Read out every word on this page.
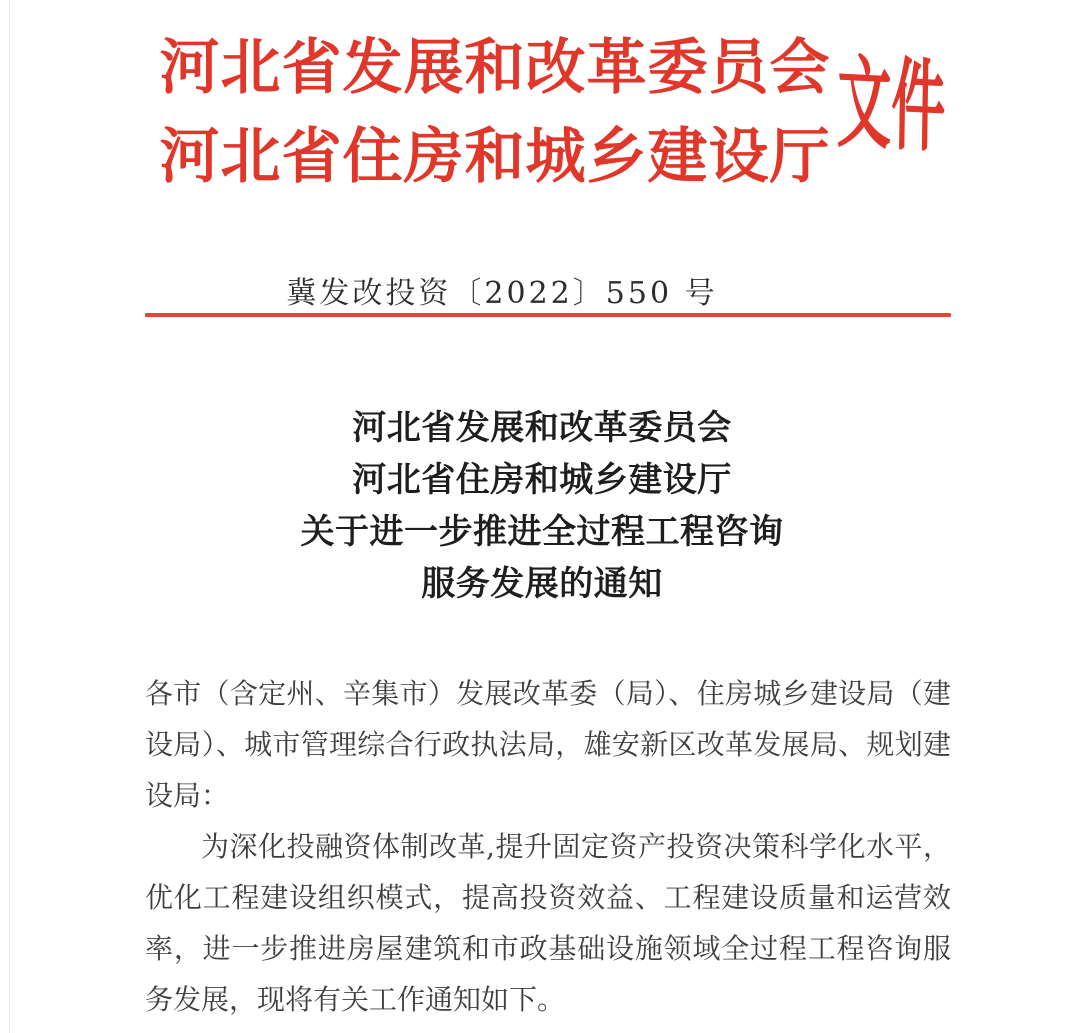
河北省发展和改革委员会
河北省住房和城乡建设厅 文件
冀发改投资〔2022〕550 号
河北省发展和改革委员会
河北省住房和城乡建设厅
关于进一步推进全过程工程咨询
服务发展的通知
各市（含定州、辛集市）发展改革委（局）、住房城乡建设局（建
设局）、城市管理综合行政执法局，雄安新区改革发展局、规划建
设局：
为深化投融资体制改革,提升固定资产投资决策科学化水平，
优化工程建设组织模式，提高投资效益、工程建设质量和运营效
率，进一步推进房屋建筑和市政基础设施领域全过程工程咨询服
务发展，现将有关工作通知如下。
